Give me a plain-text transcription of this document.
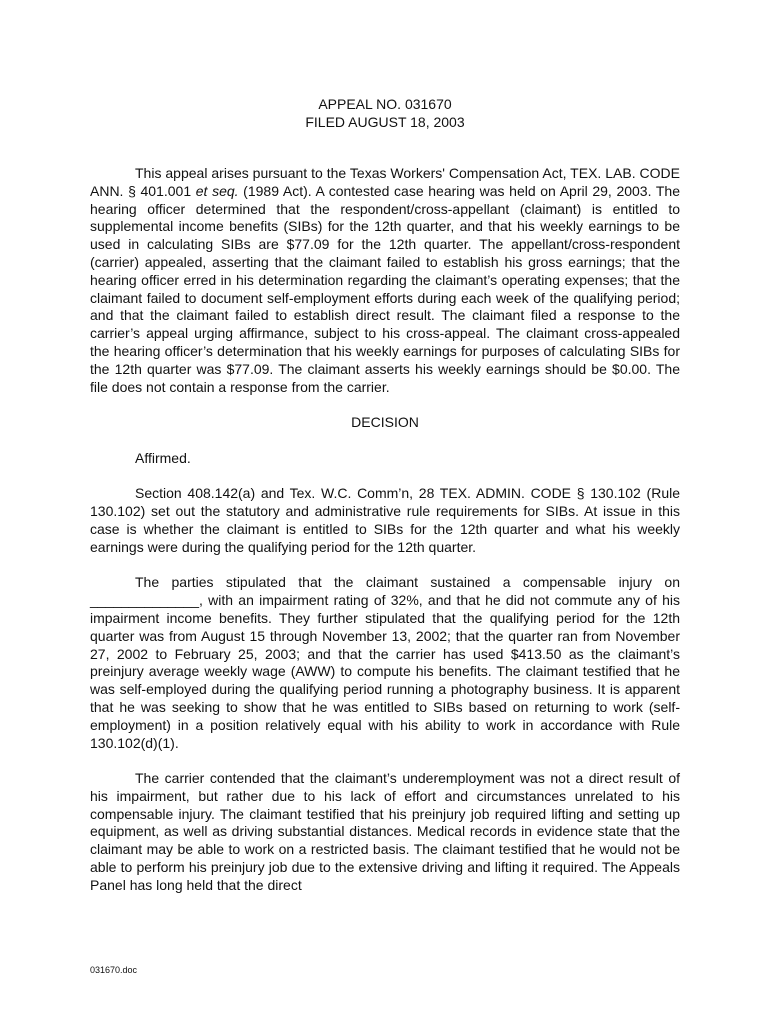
APPEAL NO. 031670
FILED AUGUST 18, 2003

This appeal arises pursuant to the Texas Workers' Compensation Act, TEX. LAB. CODE ANN. § 401.001 et seq. (1989 Act). A contested case hearing was held on April 29, 2003. The hearing officer determined that the respondent/cross-appellant (claimant) is entitled to supplemental income benefits (SIBs) for the 12th quarter, and that his weekly earnings to be used in calculating SIBs are $77.09 for the 12th quarter. The appellant/cross-respondent (carrier) appealed, asserting that the claimant failed to establish his gross earnings; that the hearing officer erred in his determination regarding the claimant’s operating expenses; that the claimant failed to document self-employment efforts during each week of the qualifying period; and that the claimant failed to establish direct result. The claimant filed a response to the carrier’s appeal urging affirmance, subject to his cross-appeal. The claimant cross-appealed the hearing officer’s determination that his weekly earnings for purposes of calculating SIBs for the 12th quarter was $77.09. The claimant asserts his weekly earnings should be $0.00. The file does not contain a response from the carrier.

DECISION

Affirmed.

Section 408.142(a) and Tex. W.C. Comm’n, 28 TEX. ADMIN. CODE § 130.102 (Rule 130.102) set out the statutory and administrative rule requirements for SIBs. At issue in this case is whether the claimant is entitled to SIBs for the 12th quarter and what his weekly earnings were during the qualifying period for the 12th quarter.

The parties stipulated that the claimant sustained a compensable injury on ______________, with an impairment rating of 32%, and that he did not commute any of his impairment income benefits. They further stipulated that the qualifying period for the 12th quarter was from August 15 through November 13, 2002; that the quarter ran from November 27, 2002 to February 25, 2003; and that the carrier has used $413.50 as the claimant’s preinjury average weekly wage (AWW) to compute his benefits. The claimant testified that he was self-employed during the qualifying period running a photography business. It is apparent that he was seeking to show that he was entitled to SIBs based on returning to work (self-employment) in a position relatively equal with his ability to work in accordance with Rule 130.102(d)(1).

The carrier contended that the claimant’s underemployment was not a direct result of his impairment, but rather due to his lack of effort and circumstances unrelated to his compensable injury. The claimant testified that his preinjury job required lifting and setting up equipment, as well as driving substantial distances. Medical records in evidence state that the claimant may be able to work on a restricted basis. The claimant testified that he would not be able to perform his preinjury job due to the extensive driving and lifting it required. The Appeals Panel has long held that the direct

031670.doc
